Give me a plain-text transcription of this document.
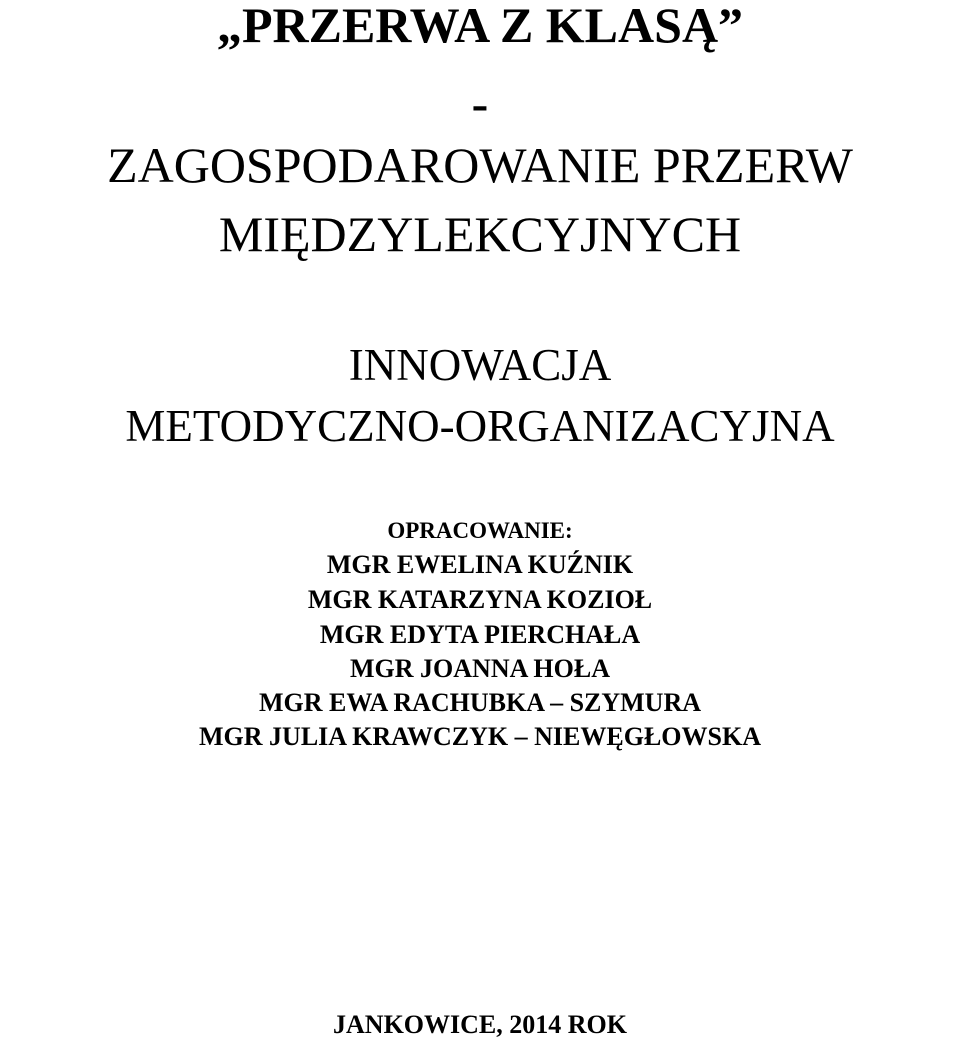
„PRZERWA Z KLASĄ”
-
ZAGOSPODAROWANIE PRZERW
MIĘDZYLEKCYJNYCH
INNOWACJA
METODYCZNO-ORGANIZACYJNA
OPRACOWANIE:
MGR EWELINA KUŹNIK
MGR KATARZYNA KOZIOŁ
MGR EDYTA PIERCHAŁA
MGR JOANNA HOŁA
MGR EWA RACHUBKA – SZYMURA
MGR JULIA KRAWCZYK – NIEWĘGŁOWSKA
JANKOWICE, 2014 ROK
